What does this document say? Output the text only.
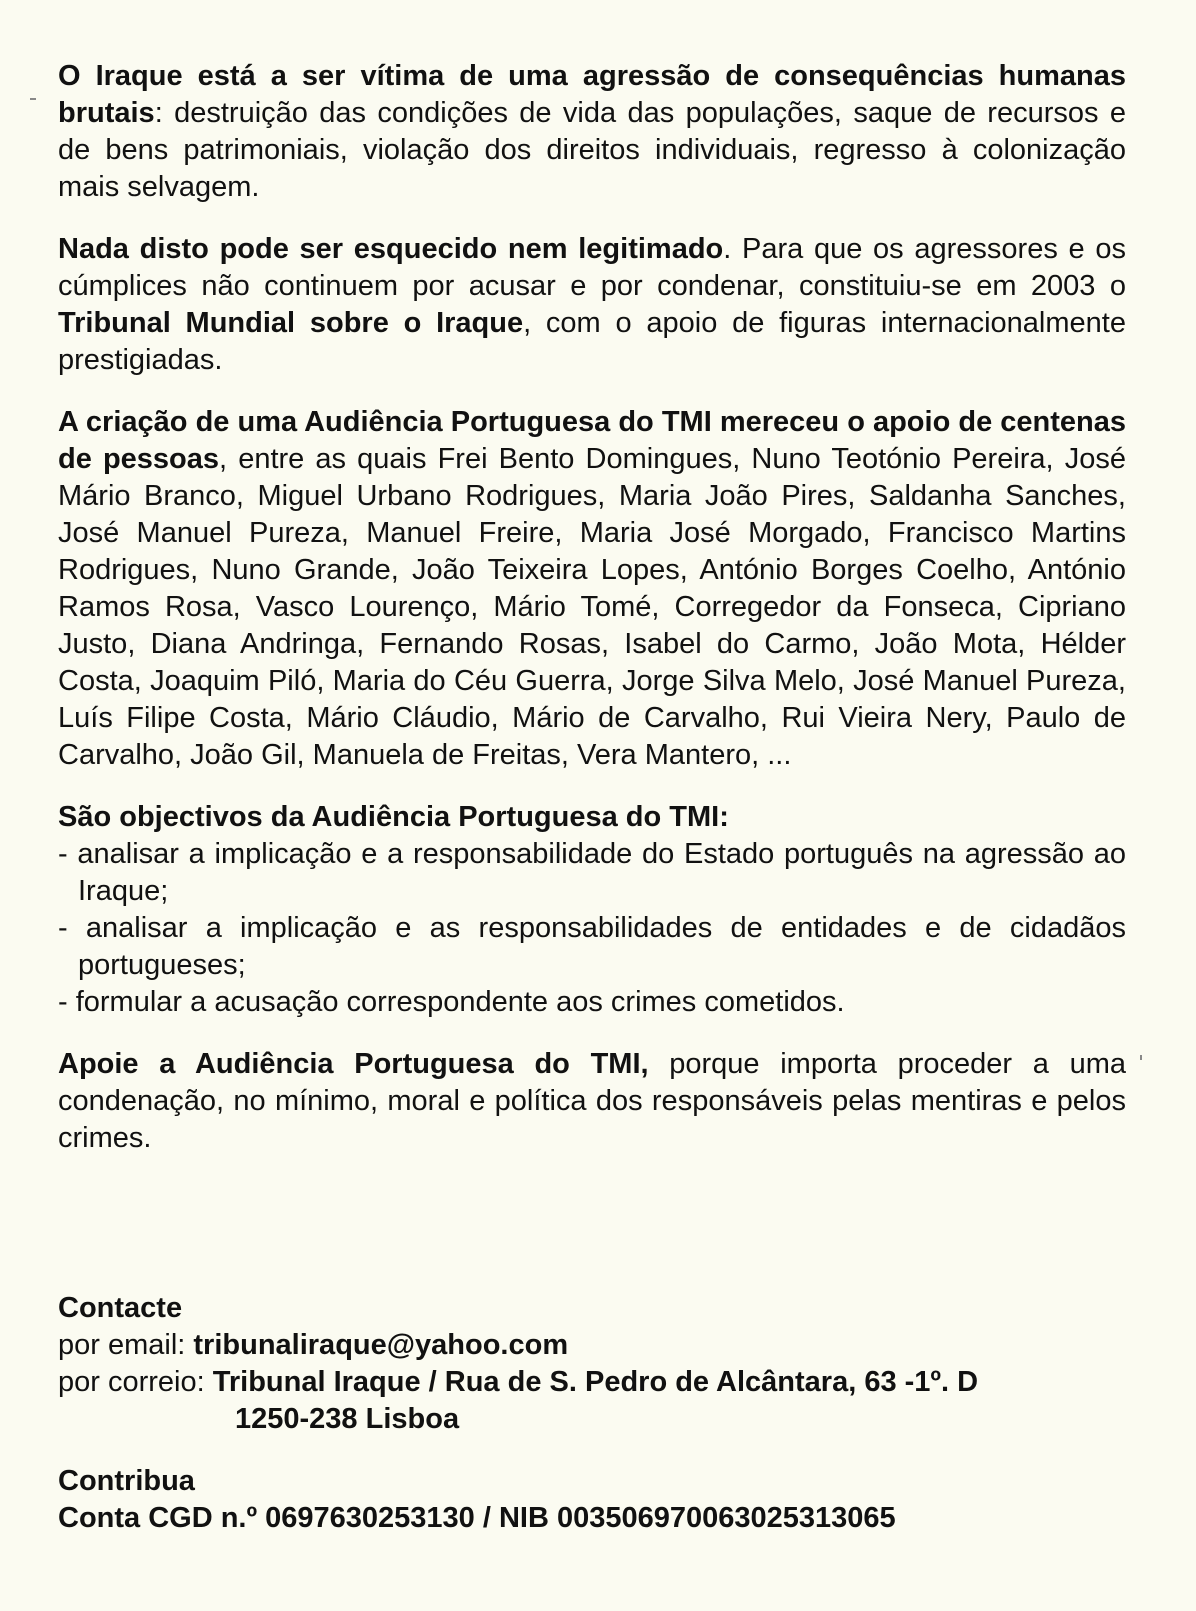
O Iraque está a ser vítima de uma agressão de consequências humanas brutais: destruição das condições de vida das populações, saque de recursos e de bens patrimoniais, violação dos direitos individuais, regresso à colonização mais selvagem.

Nada disto pode ser esquecido nem legitimado. Para que os agressores e os cúmplices não continuem por acusar e por condenar, constituiu-se em 2003 o Tribunal Mundial sobre o Iraque, com o apoio de figuras internacionalmente prestigiadas.

A criação de uma Audiência Portuguesa do TMI mereceu o apoio de centenas de pessoas, entre as quais Frei Bento Domingues, Nuno Teotónio Pereira, José Mário Branco, Miguel Urbano Rodrigues, Maria João Pires, Saldanha Sanches, José Manuel Pureza, Manuel Freire, Maria José Morgado, Francisco Martins Rodrigues, Nuno Grande, João Teixeira Lopes, António Borges Coelho, António Ramos Rosa, Vasco Lourenço, Mário Tomé, Corregedor da Fonseca, Cipriano Justo, Diana Andringa, Fernando Rosas, Isabel do Carmo, João Mota, Hélder Costa, Joaquim Piló, Maria do Céu Guerra, Jorge Silva Melo, José Manuel Pureza, Luís Filipe Costa, Mário Cláudio, Mário de Carvalho, Rui Vieira Nery, Paulo de Carvalho, João Gil, Manuela de Freitas, Vera Mantero, ...

São objectivos da Audiência Portuguesa do TMI:

- analisar a implicação e a responsabilidade do Estado português na agressão ao Iraque;
- analisar a implicação e as responsabilidades de entidades e de cidadãos portugueses;
- formular a acusação correspondente aos crimes cometidos.

Apoie a Audiência Portuguesa do TMI, porque importa proceder a uma condenação, no mínimo, moral e política dos responsáveis pelas mentiras e pelos crimes.

Contacte
por email: tribunaliraque@yahoo.com
por correio: Tribunal Iraque / Rua de S. Pedro de Alcântara, 63 -1º. D
1250-238 Lisboa
Contribua
Conta CGD n.º 0697630253130 / NIB 003506970063025313065
